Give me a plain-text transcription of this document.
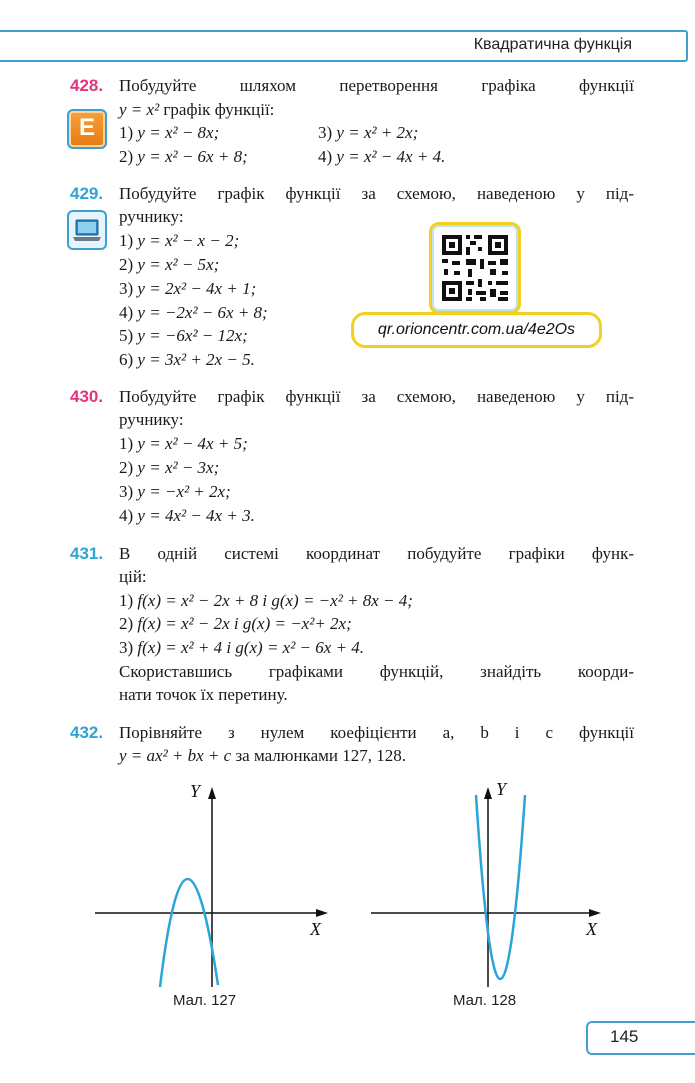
Квадратична функція
428.
E
Побудуйте шляхом перетворення графіка функції
y = x² графік функції:
1) y = x² − 8x;	3) y = x² + 2x;
2) y = x² − 6x + 8;	4) y = x² − 4x + 4.
429. Побудуйте графік функції за схемою, наведеною у під-
ручнику:
1) y = x² − x − 2;
2) y = x² − 5x;
3) y = 2x² − 4x + 1;
4) y = −2x² − 6x + 8;
5) y = −6x² − 12x;
6) y = 3x² + 2x − 5.
qr.orioncentr.com.ua/4e2Os
430. Побудуйте графік функції за схемою, наведеною у під-
ручнику:
1) y = x² − 4x + 5;
2) y = x² − 3x;
3) y = −x² + 2x;
4) y = 4x² − 4x + 3.
431. В одній системі координат побудуйте графіки функ-
цій:
1) f(x) = x² − 2x + 8 і g(x) = −x² + 8x − 4;
2) f(x) = x² − 2x і g(x) = −x²+ 2x;
3) f(x) = x² + 4 і g(x) = x² − 6x + 4.
Скориставшись графіками функцій, знайдіть коорди-
нати точок їх перетину.
432. Порівняйте з нулем коефіцієнти a, b і c функції
y = ax² + bx + c за малюнками 127, 128.
Y
X
Мал. 127
Y
X
Мал. 128
145
